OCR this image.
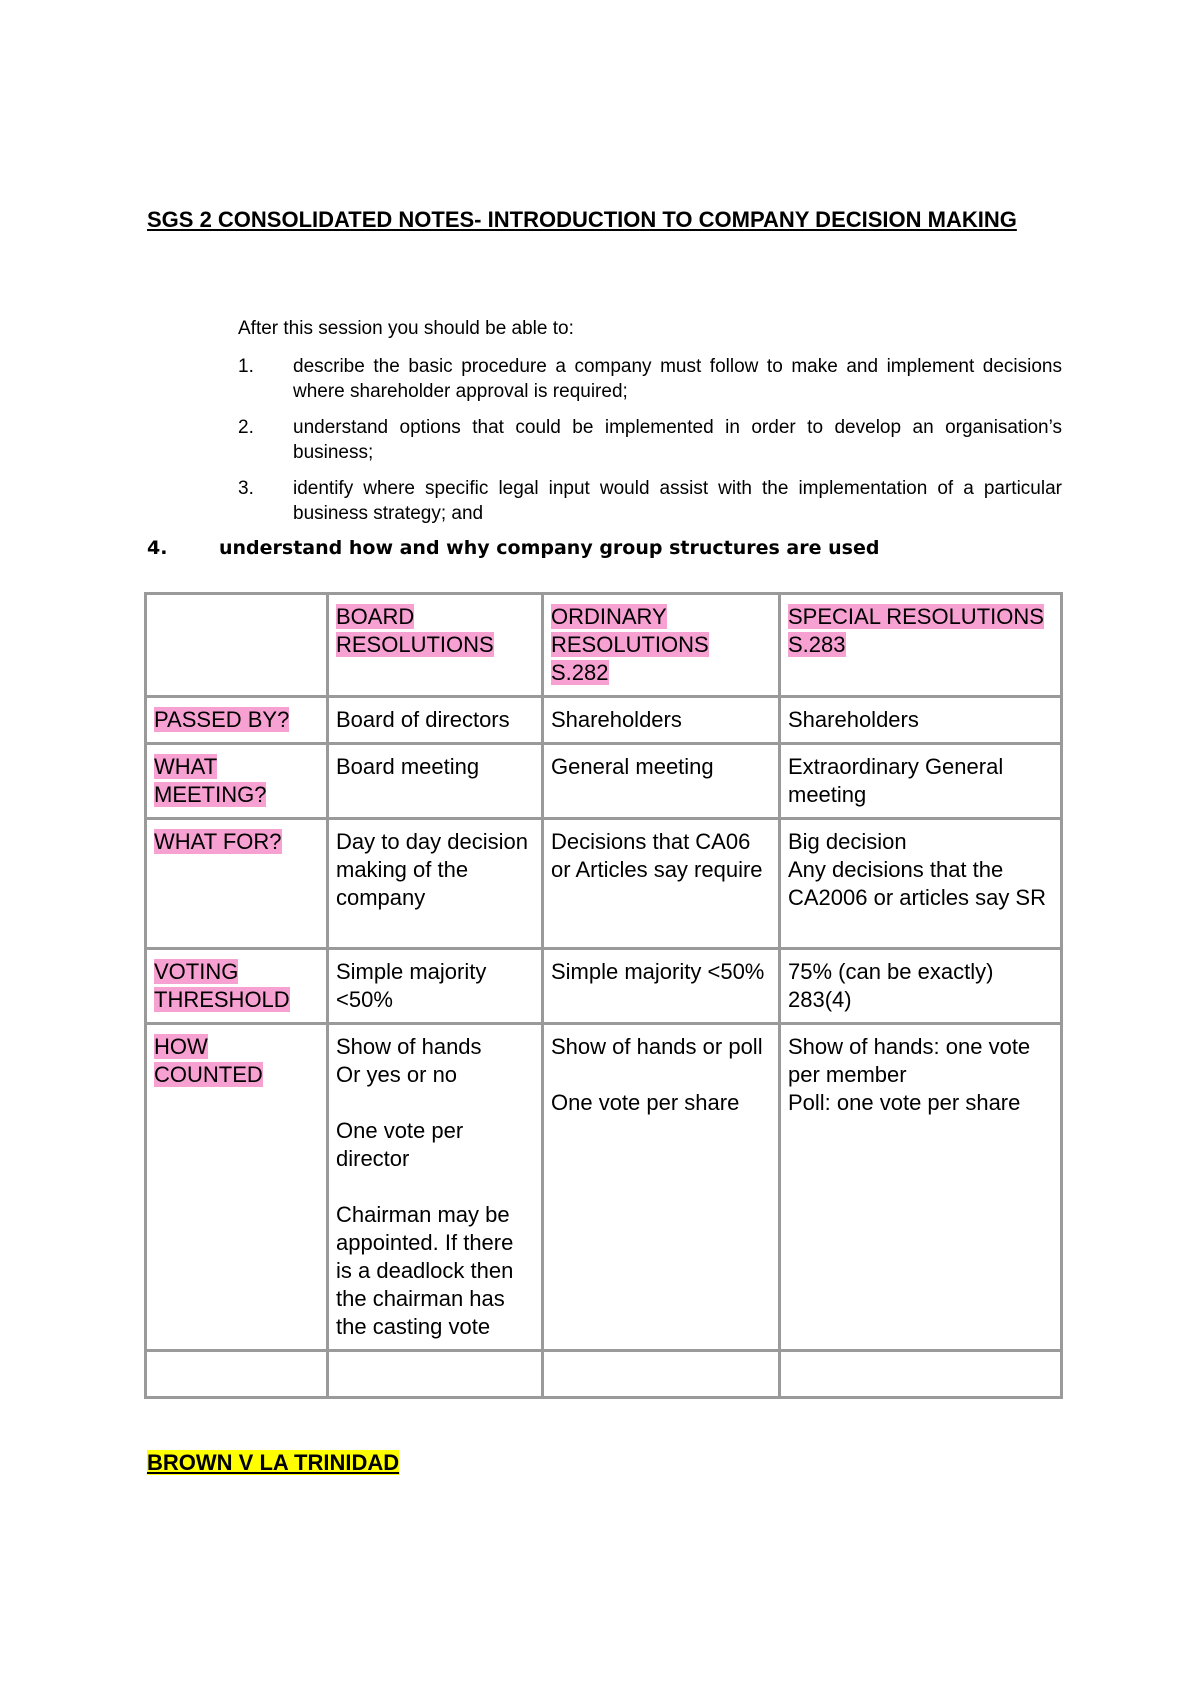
SGS 2 CONSOLIDATED NOTES- INTRODUCTION TO COMPANY DECISION MAKING

After this session you should be able to:

1. describe the basic procedure a company must follow to make and implement decisions where shareholder approval is required;
2. understand options that could be implemented in order to develop an organisation’s business;
3. identify where specific legal input would assist with the implementation of a particular business strategy; and

4.	understand how and why company group structures are used

	BOARD RESOLUTIONS	ORDINARY RESOLUTIONS S.282	SPECIAL RESOLUTIONS S.283
PASSED BY?	Board of directors	Shareholders	Shareholders
WHAT MEETING?	Board meeting	General meeting	Extraordinary General meeting
WHAT FOR?	Day to day decision making of the company	Decisions that CA06 or Articles say require	Big decision
Any decisions that the CA2006 or articles say SR
VOTING THRESHOLD	Simple majority <50%	Simple majority <50%	75% (can be exactly) 283(4)
HOW COUNTED	Show of hands
Or yes or no

One vote per director

Chairman may be appointed. If there is a deadlock then the chairman has the casting vote	Show of hands or poll

One vote per share	Show of hands: one vote per member
Poll: one vote per share

BROWN V LA TRINIDAD
